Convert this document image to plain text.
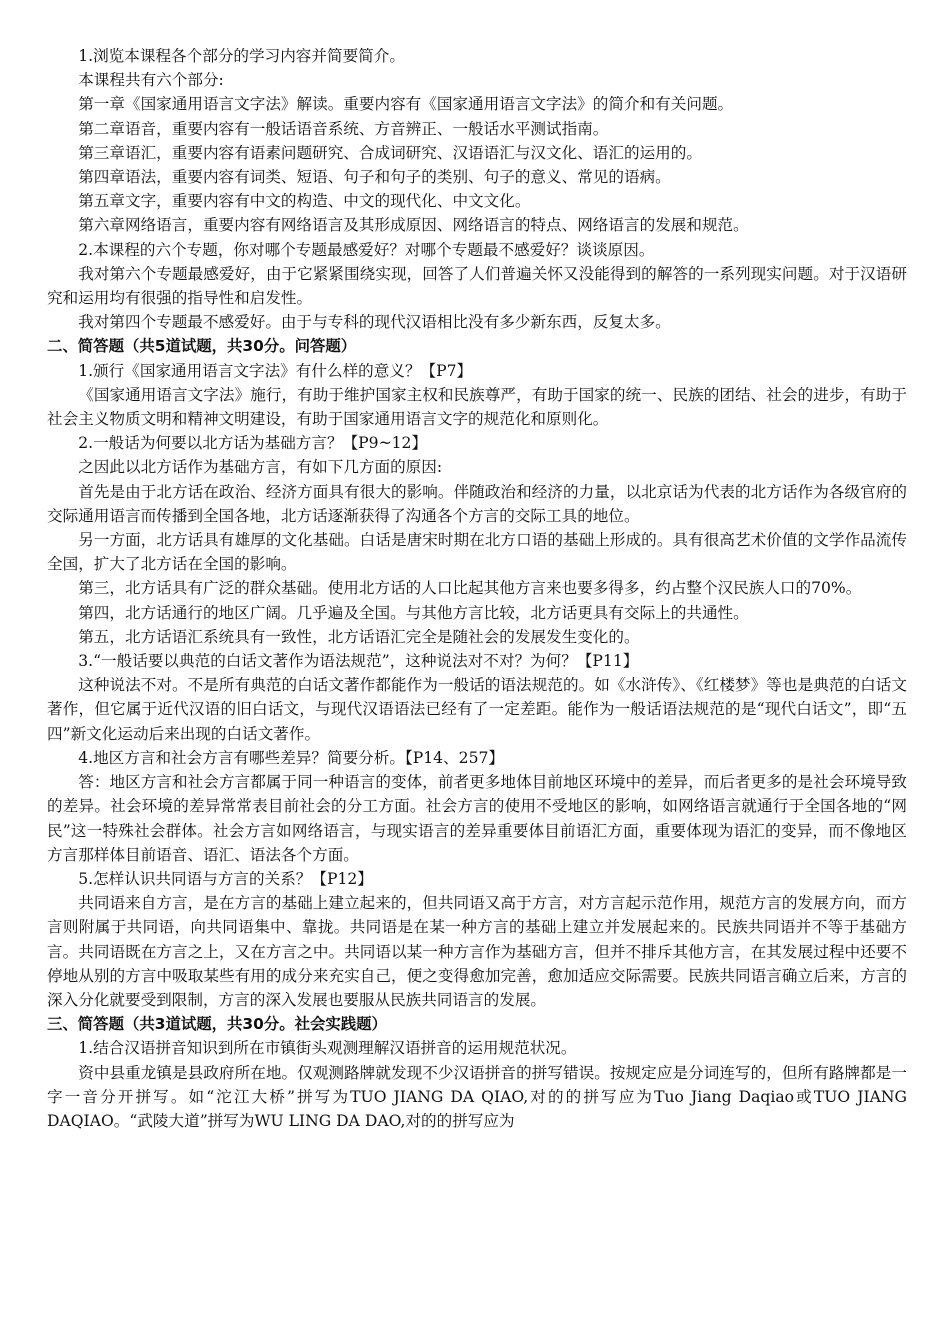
1.浏览本课程各个部分的学习内容并简要简介。

本课程共有六个部分:

第一章《国家通用语言文字法》解读。重要内容有《国家通用语言文字法》的简介和有关问题。

第二章语音，重要内容有一般话语音系统、方音辨正、一般话水平测试指南。

第三章语汇，重要内容有语素问题研究、合成词研究、汉语语汇与汉文化、语汇的运用的。

第四章语法，重要内容有词类、短语、句子和句子的类别、句子的意义、常见的语病。

第五章文字，重要内容有中文的构造、中文的现代化、中文文化。

第六章网络语言，重要内容有网络语言及其形成原因、网络语言的特点、网络语言的发展和规范。

2.本课程的六个专题，你对哪个专题最感爱好？对哪个专题最不感爱好？谈谈原因。

我对第六个专题最感爱好，由于它紧紧围绕实现，回答了人们普遍关怀又没能得到的解答的一系列现实问题。对于汉语研究和运用均有很强的指导性和启发性。

我对第四个专题最不感爱好。由于与专科的现代汉语相比没有多少新东西，反复太多。

二、简答题（共5道试题，共30分。问答题）

1.颁行《国家通用语言文字法》有什么样的意义？【P7】

《国家通用语言文字法》施行，有助于维护国家主权和民族尊严，有助于国家的统一、民族的团结、社会的进步，有助于社会主义物质文明和精神文明建设，有助于国家通用语言文字的规范化和原则化。

2.一般话为何要以北方话为基础方言？【P9~12】

之因此以北方话作为基础方言，有如下几方面的原因:

首先是由于北方话在政治、经济方面具有很大的影响。伴随政治和经济的力量，以北京话为代表的北方话作为各级官府的交际通用语言而传播到全国各地，北方话逐渐获得了沟通各个方言的交际工具的地位。

另一方面，北方话具有雄厚的文化基础。白话是唐宋时期在北方口语的基础上形成的。具有很高艺术价值的文学作品流传全国，扩大了北方话在全国的影响。

第三，北方话具有广泛的群众基础。使用北方话的人口比起其他方言来也要多得多，约占整个汉民族人口的70%。

第四，北方话通行的地区广阔。几乎遍及全国。与其他方言比较，北方话更具有交际上的共通性。

第五，北方话语汇系统具有一致性，北方话语汇完全是随社会的发展发生变化的。

3.“一般话要以典范的白话文著作为语法规范”，这种说法对不对？为何？【P11】

这种说法不对。不是所有典范的白话文著作都能作为一般话的语法规范的。如《水浒传》、《红楼梦》等也是典范的白话文著作，但它属于近代汉语的旧白话文，与现代汉语语法已经有了一定差距。能作为一般话语法规范的是“现代白话文”，即“五四”新文化运动后来出现的白话文著作。

4.地区方言和社会方言有哪些差异？简要分析。【P14、257】

答：地区方言和社会方言都属于同一种语言的变体，前者更多地体目前地区环境中的差异，而后者更多的是社会环境导致的差异。社会环境的差异常常表目前社会的分工方面。社会方言的使用不受地区的影响，如网络语言就通行于全国各地的“网民”这一特殊社会群体。社会方言如网络语言，与现实语言的差异重要体目前语汇方面，重要体现为语汇的变异，而不像地区方言那样体目前语音、语汇、语法各个方面。

5.怎样认识共同语与方言的关系？【P12】

共同语来自方言，是在方言的基础上建立起来的，但共同语又高于方言，对方言起示范作用，规范方言的发展方向，而方言则附属于共同语，向共同语集中、靠拢。共同语是在某一种方言的基础上建立并发展起来的。民族共同语并不等于基础方言。共同语既在方言之上，又在方言之中。共同语以某一种方言作为基础方言，但并不排斥其他方言，在其发展过程中还要不停地从别的方言中吸取某些有用的成分来充实自己，便之变得愈加完善，愈加适应交际需要。民族共同语言确立后来，方言的深入分化就要受到限制，方言的深入发展也要服从民族共同语言的发展。

三、简答题（共3道试题，共30分。社会实践题）

1.结合汉语拼音知识到所在市镇街头观测理解汉语拼音的运用规范状况。

资中县重龙镇是县政府所在地。仅观测路牌就发现不少汉语拼音的拼写错误。按规定应是分词连写的，但所有路牌都是一字一音分开拼写。如“沱江大桥”拼写为TUO JIANG DA QIAO,对的的拼写应为Tuo Jiang Daqiao或TUO JIANG DAQIAO。“武陵大道”拼写为WU LING DA DAO,对的的拼写应为
